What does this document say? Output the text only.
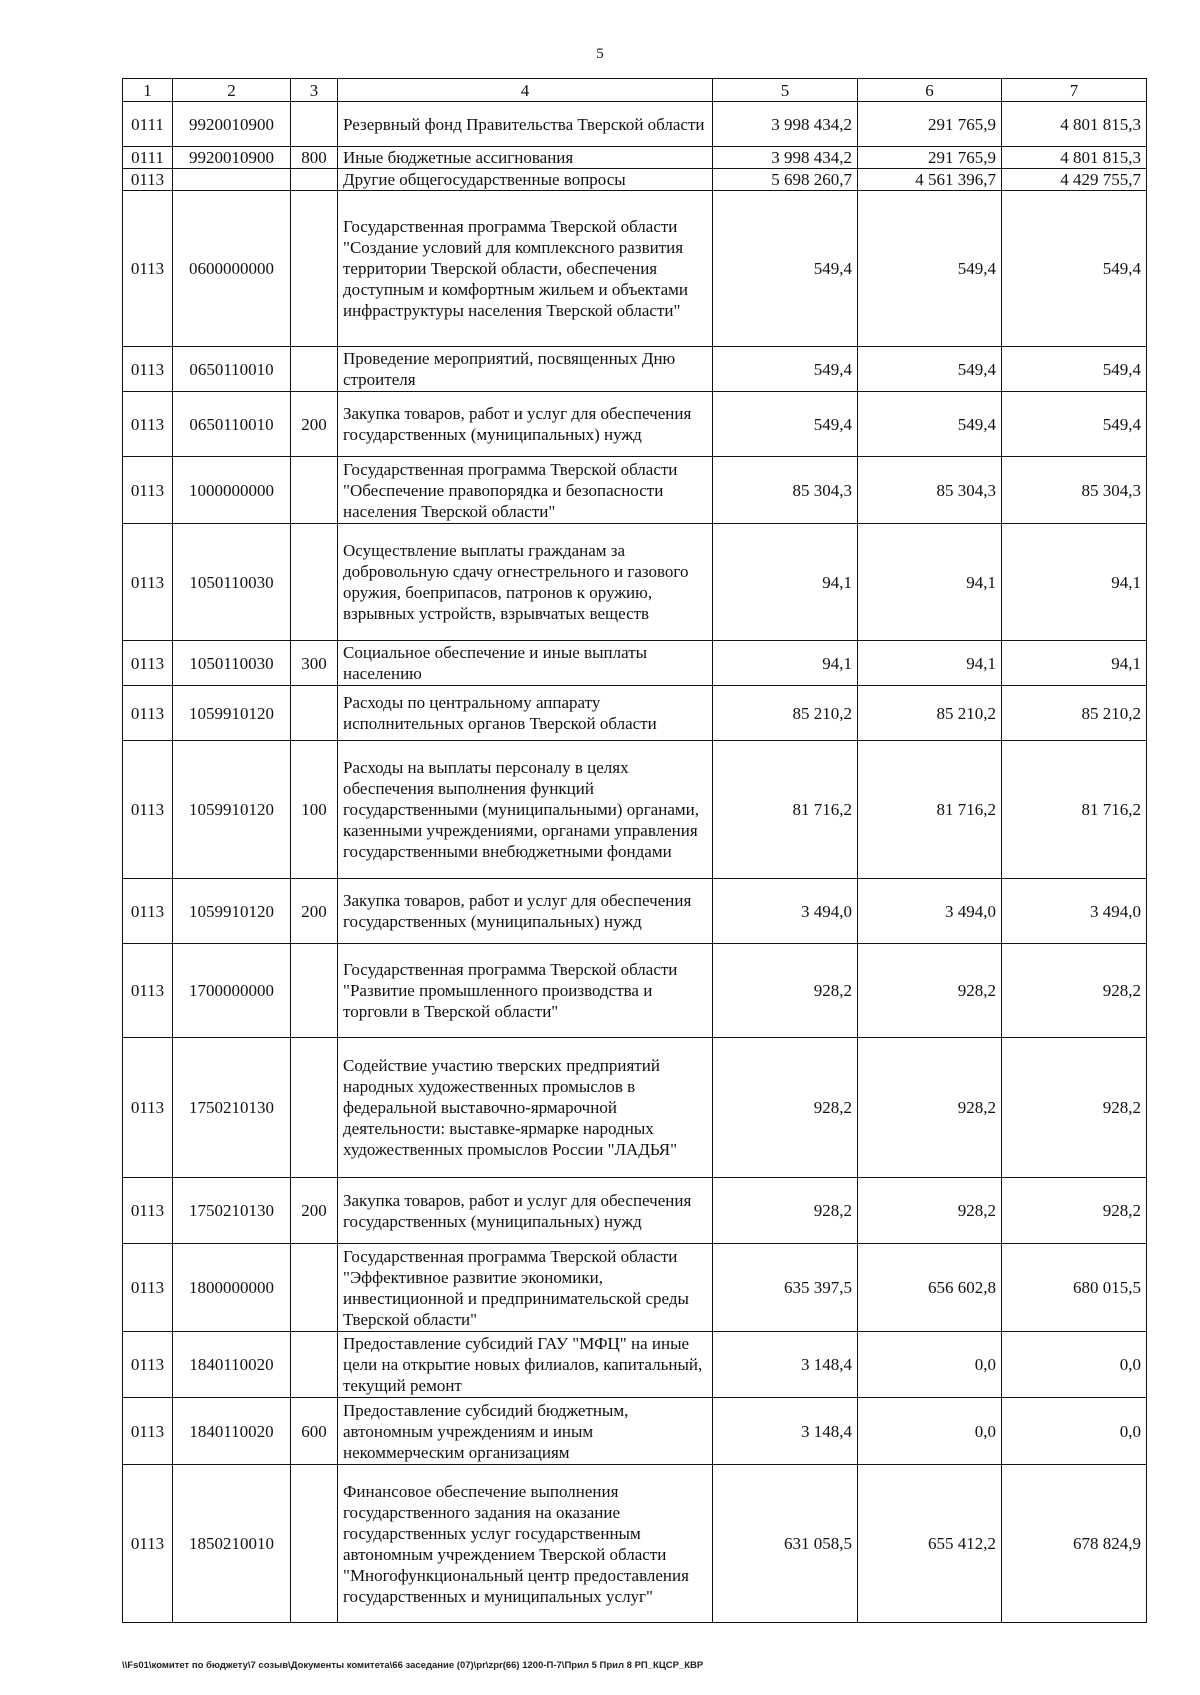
5
1	2	3	4	5	6	7
0111	9920010900		Резервный фонд Правительства Тверской области	3 998 434,2	291 765,9	4 801 815,3
0111	9920010900	800	Иные бюджетные ассигнования	3 998 434,2	291 765,9	4 801 815,3
0113			Другие общегосударственные вопросы	5 698 260,7	4 561 396,7	4 429 755,7
0113	0600000000		Государственная программа Тверской области "Создание условий для комплексного развития территории Тверской области, обеспечения доступным и комфортным жильем и объектами инфраструктуры населения Тверской области"	549,4	549,4	549,4
0113	0650110010		Проведение мероприятий, посвященных Дню строителя	549,4	549,4	549,4
0113	0650110010	200	Закупка товаров, работ и услуг для обеспечения государственных (муниципальных) нужд	549,4	549,4	549,4
0113	1000000000		Государственная программа Тверской области "Обеспечение правопорядка и безопасности населения Тверской области"	85 304,3	85 304,3	85 304,3
0113	1050110030		Осуществление выплаты гражданам за добровольную сдачу огнестрельного и газового оружия, боеприпасов, патронов к оружию, взрывных устройств, взрывчатых веществ	94,1	94,1	94,1
0113	1050110030	300	Социальное обеспечение и иные выплаты населению	94,1	94,1	94,1
0113	1059910120		Расходы по центральному аппарату исполнительных органов Тверской области	85 210,2	85 210,2	85 210,2
0113	1059910120	100	Расходы на выплаты персоналу в целях обеспечения выполнения функций государственными (муниципальными) органами, казенными учреждениями, органами управления государственными внебюджетными фондами	81 716,2	81 716,2	81 716,2
0113	1059910120	200	Закупка товаров, работ и услуг для обеспечения государственных (муниципальных) нужд	3 494,0	3 494,0	3 494,0
0113	1700000000		Государственная программа Тверской области "Развитие промышленного производства и торговли в Тверской области"	928,2	928,2	928,2
0113	1750210130		Содействие участию тверских предприятий народных художественных промыслов в федеральной выставочно-ярмарочной деятельности: выставке-ярмарке народных художественных промыслов России "ЛАДЬЯ"	928,2	928,2	928,2
0113	1750210130	200	Закупка товаров, работ и услуг для обеспечения государственных (муниципальных) нужд	928,2	928,2	928,2
0113	1800000000		Государственная программа Тверской области "Эффективное развитие экономики, инвестиционной и предпринимательской среды Тверской области"	635 397,5	656 602,8	680 015,5
0113	1840110020		Предоставление субсидий ГАУ "МФЦ" на иные цели на открытие новых филиалов, капитальный, текущий ремонт	3 148,4	0,0	0,0
0113	1840110020	600	Предоставление субсидий бюджетным, автономным учреждениям и иным некоммерческим организациям	3 148,4	0,0	0,0
0113	1850210010		Финансовое обеспечение выполнения государственного задания на оказание государственных услуг государственным автономным учреждением Тверской области "Многофункциональный центр предоставления государственных и муниципальных услуг"	631 058,5	655 412,2	678 824,9
\\Fs01\комитет по бюджету\7 созыв\Документы комитета\66 заседание (07)\pr\zpr(66) 1200-П-7\Прил 5 Прил 8 РП_КЦСР_КВР
